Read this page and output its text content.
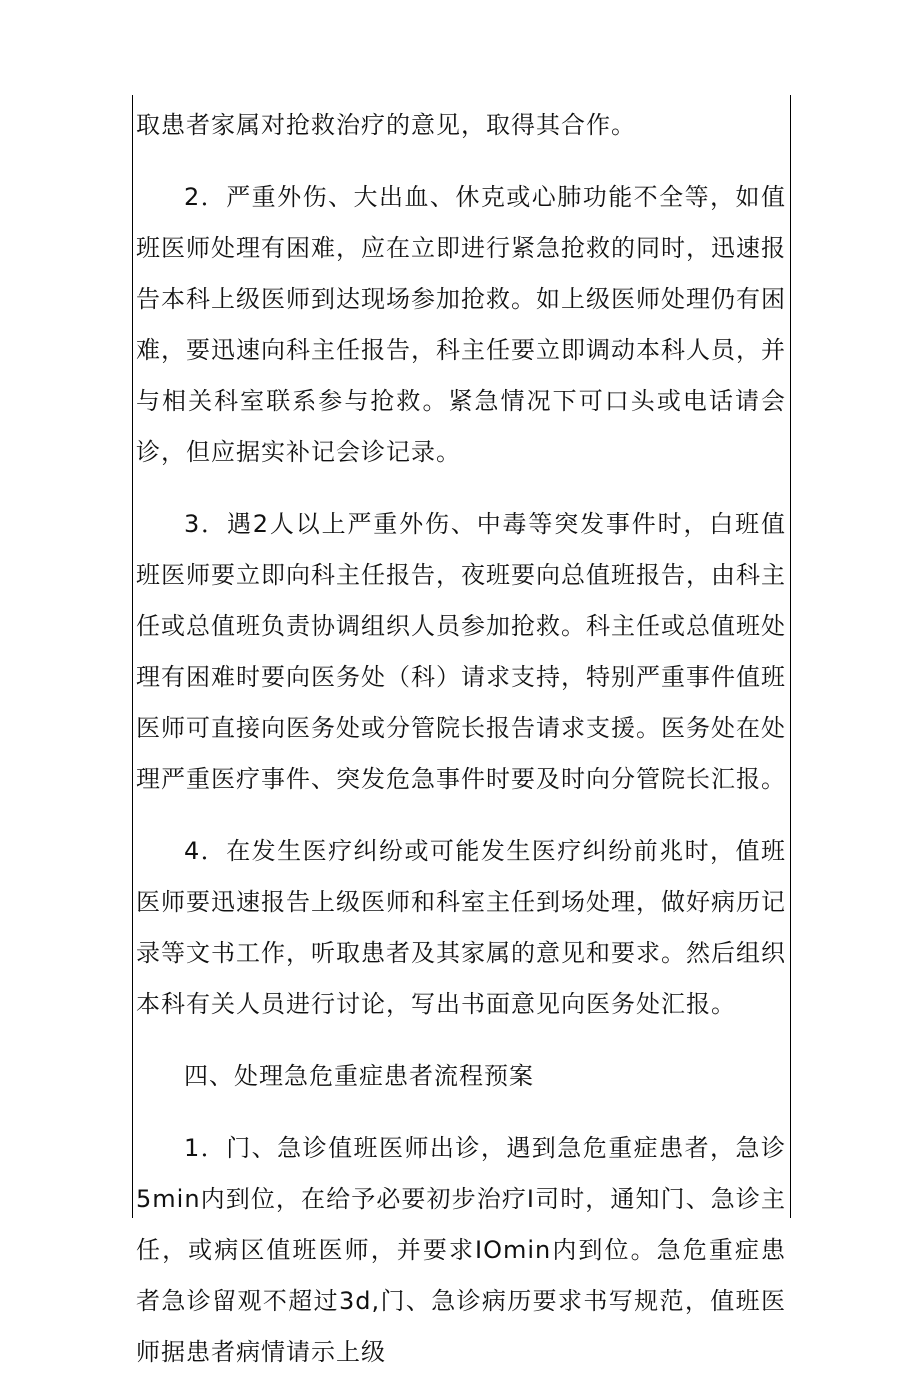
取患者家属对抢救治疗的意见，取得其合作。

2．严重外伤、大出血、休克或心肺功能不全等，如值班医师处理有困难，应在立即进行紧急抢救的同时，迅速报告本科上级医师到达现场参加抢救。如上级医师处理仍有困难，要迅速向科主任报告，科主任要立即调动本科人员，并与相关科室联系参与抢救。紧急情况下可口头或电话请会诊，但应据实补记会诊记录。

3．遇2人以上严重外伤、中毒等突发事件时，白班值班医师要立即向科主任报告，夜班要向总值班报告，由科主任或总值班负责协调组织人员参加抢救。科主任或总值班处理有困难时要向医务处（科）请求支持，特别严重事件值班医师可直接向医务处或分管院长报告请求支援。医务处在处理严重医疗事件、突发危急事件时要及时向分管院长汇报。

4．在发生医疗纠纷或可能发生医疗纠纷前兆时，值班医师要迅速报告上级医师和科室主任到场处理，做好病历记录等文书工作，听取患者及其家属的意见和要求。然后组织本科有关人员进行讨论，写出书面意见向医务处汇报。

四、处理急危重症患者流程预案

1．门、急诊值班医师出诊，遇到急危重症患者，急诊5min内到位，在给予必要初步治疗I司时，通知门、急诊主任，或病区值班医师，并要求IOmin内到位。急危重症患者急诊留观不超过3d,门、急诊病历要求书写规范，值班医师据患者病情请示上级
